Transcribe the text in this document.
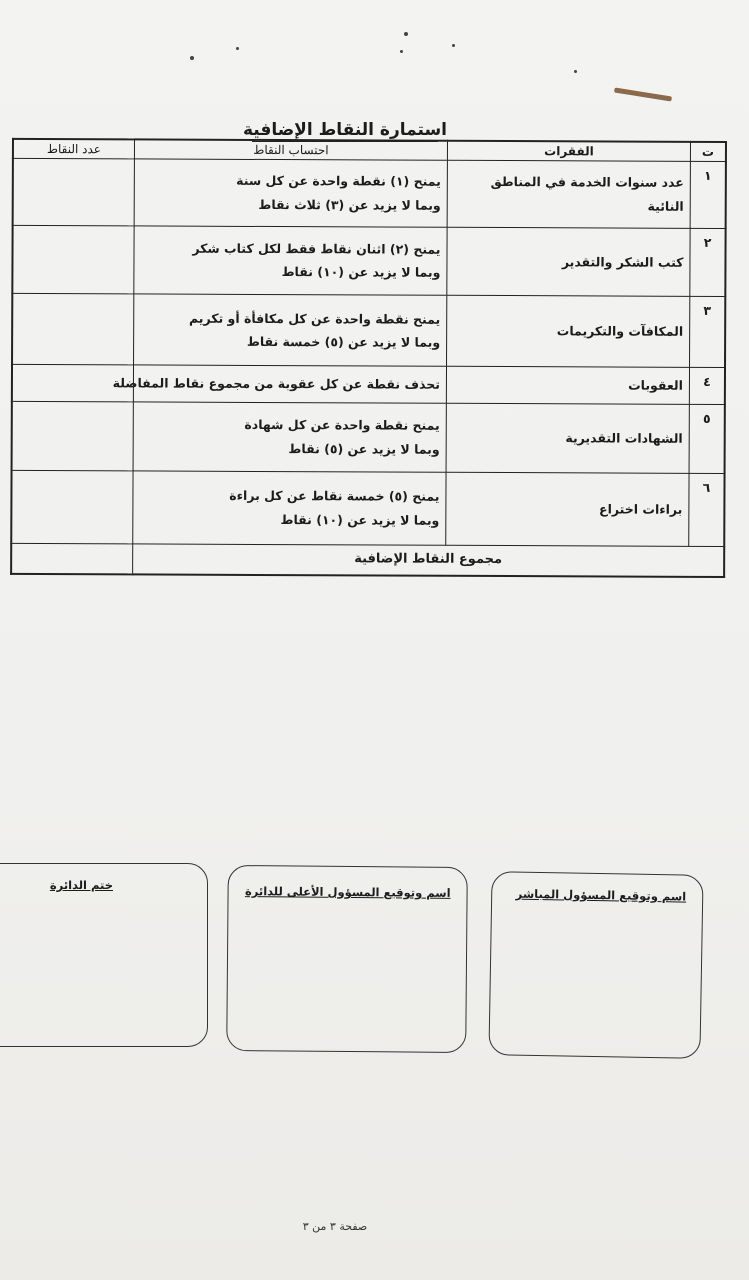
استمارة النقاط الإضافية
ت	الفقرات	احتساب النقاط	عدد النقاط
١	عدد سنوات الخدمة في المناطق النائية	يمنح (١) نقطة واحدة عن كل سنة
وبما لا يزيد عن (٣) ثلاث نقاط	

٢	كتب الشكر والتقدير	يمنح (٢) اثنان نقاط فقط لكل كتاب شكر
وبما لا يزيد عن (١٠) نقاط	

٣	المكافآت والتكريمات	يمنح نقطة واحدة عن كل مكافأة أو تكريم
وبما لا يزيد عن (٥) خمسة نقاط	

٤	العقوبات	تحذف نقطة عن كل عقوبة من مجموع نقاط المفاضلة	

٥	الشهادات التقديرية	يمنح نقطة واحدة عن كل شهادة
وبما لا يزيد عن (٥) نقاط	

٦	براءات اختراع	يمنح (٥) خمسة نقاط عن كل براءة
وبما لا يزيد عن (١٠) نقاط	

مجموع النقاط الإضافية			
اسم وتوقيع المسؤول المباشر
اسم وتوقيع المسؤول الأعلى للدائرة
ختم الدائرة
صفحة ٣ من ٣
